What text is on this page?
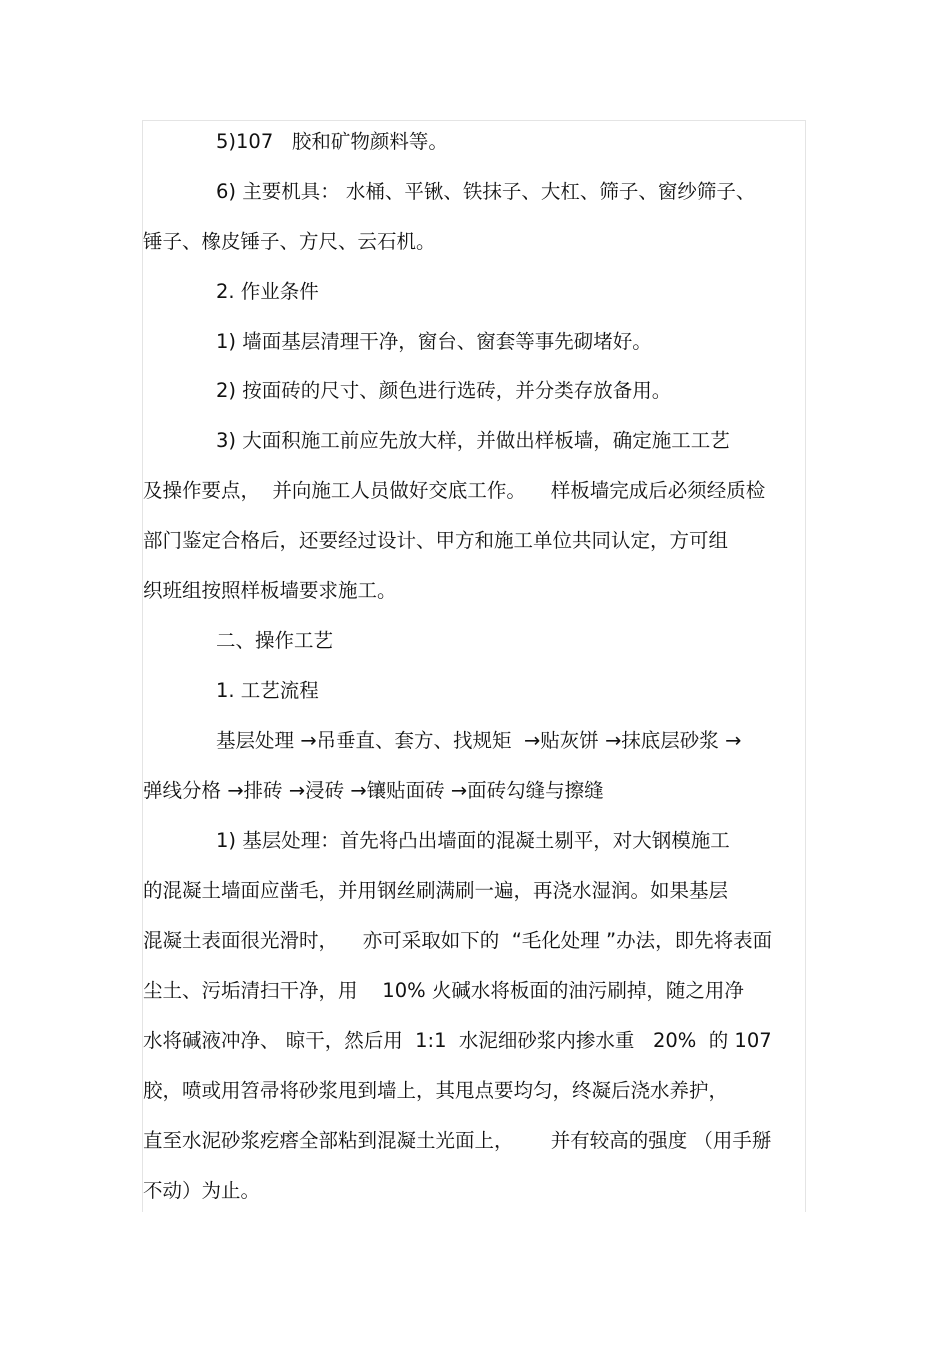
5)107   胶和矿物颜料等。
6) 主要机具： 水桶、平锹、铁抹子、大杠、筛子、窗纱筛子、
锤子、橡皮锤子、方尺、云石机。
2. 作业条件
1) 墙面基层清理干净，窗台、窗套等事先砌堵好。
2) 按面砖的尺寸、颜色进行选砖，并分类存放备用。
3) 大面积施工前应先放大样，并做出样板墙，确定施工工艺
及操作要点，  并向施工人员做好交底工作。    样板墙完成后必须经质检
部门鉴定合格后，还要经过设计、甲方和施工单位共同认定，方可组
织班组按照样板墙要求施工。
二、操作工艺
1. 工艺流程
基层处理 →吊垂直、套方、找规矩  →贴灰饼 →抹底层砂浆 →
弹线分格 →排砖 →浸砖 →镶贴面砖 →面砖勾缝与擦缝
1) 基层处理：首先将凸出墙面的混凝土剔平，对大钢模施工
的混凝土墙面应凿毛，并用钢丝刷满刷一遍，再浇水湿润。如果基层
混凝土表面很光滑时，    亦可采取如下的  “毛化处理 ”办法，即先将表面
尘土、污垢清扫干净，用    10% 火碱水将板面的油污刷掉，随之用净
水将碱液冲净、 晾干，然后用  1:1  水泥细砂浆内掺水重   20%  的 107
胶，喷或用笤帚将砂浆甩到墙上，其甩点要均匀，终凝后浇水养护，
直至水泥砂浆疙瘩全部粘到混凝土光面上，      并有较高的强度 （用手掰
不动）为止。
